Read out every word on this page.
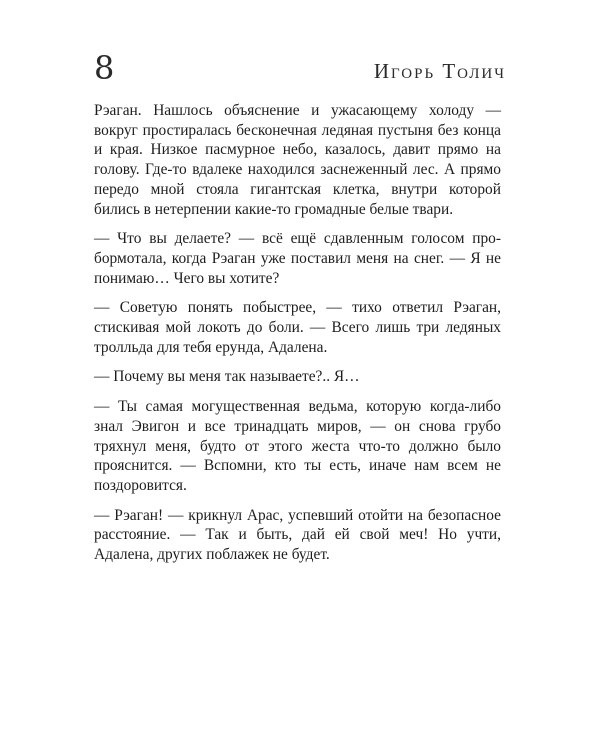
8	Игорь Толич

Рэаган. Нашлось объяснение и ужасающему холоду — вокруг простиралась бесконечная ледяная пустыня без конца и края. Низкое пасмурное небо, казалось, давит прямо на голову. Где-то вдалеке находился заснеженный лес. А прямо передо мной стояла гигантская клетка, внутри которой бились в нетерпении какие-то громадные белые твари.

— Что вы делаете? — всё ещё сдавленным голосом пробормотала, когда Рэаган уже поставил меня на снег. — Я не понимаю… Чего вы хотите?

— Советую понять побыстрее, — тихо ответил Рэаган, стискивая мой локоть до боли. — Всего лишь три ледяных тролльда для тебя ерунда, Адалена.

— Почему вы меня так называете?.. Я…

— Ты самая могущественная ведьма, которую когда-либо знал Эвигон и все тринадцать миров, — он снова грубо тряхнул меня, будто от этого жеста что-то должно было прояснится. — Вспомни, кто ты есть, иначе нам всем не поздоровится.

— Рэаган! — крикнул Арас, успевший отойти на безопасное расстояние. — Так и быть, дай ей свой меч! Но учти, Адалена, других поблажек не будет.
